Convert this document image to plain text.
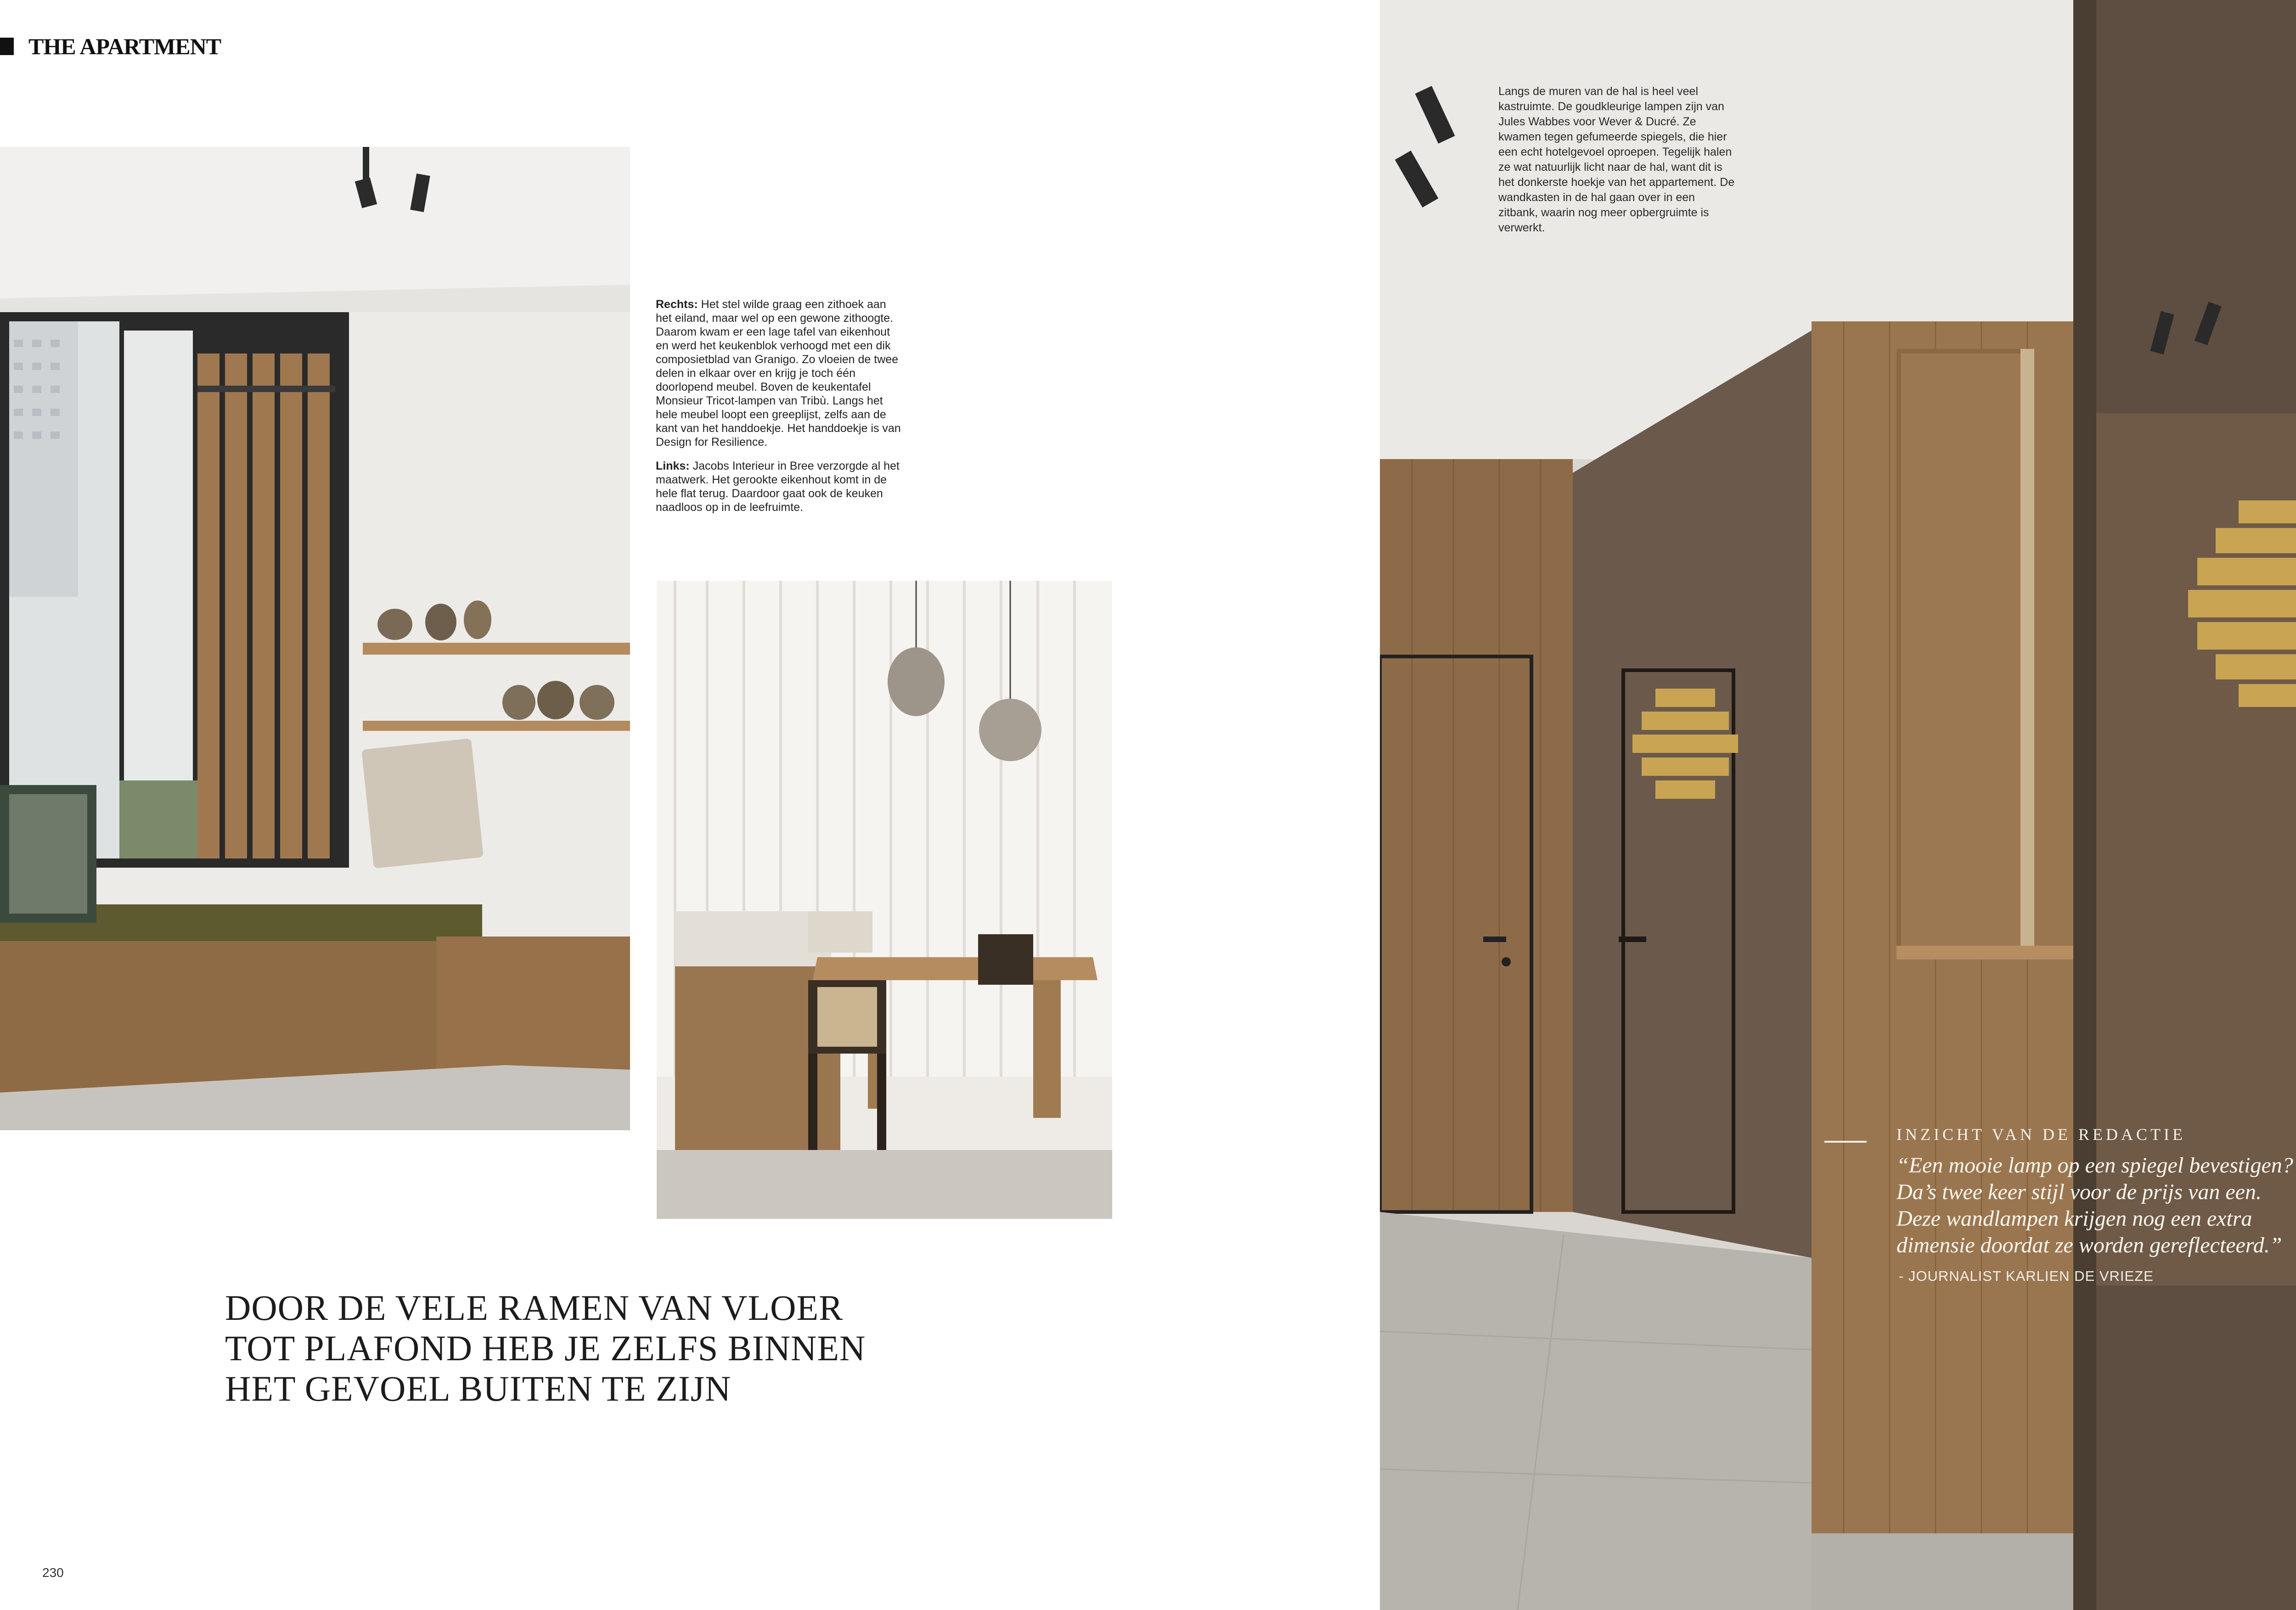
THE APARTMENT

Rechts: Het stel wilde graag een zithoek aan het eiland, maar wel op een gewone zithoogte. Daarom kwam er een lage tafel van eikenhout en werd het keukenblok verhoogd met een dik composietblad van Granigo. Zo vloeien de twee delen in elkaar over en krijg je toch één doorlopend meubel. Boven de keukentafel Monsieur Tricot-lampen van Tribù. Langs het hele meubel loopt een greeplijst, zelfs aan de kant van het handdoekje. Het handdoekje is van Design for Resilience.

Links: Jacobs Interieur in Bree verzorgde al het maatwerk. Het gerookte eikenhout komt in de hele flat terug. Daardoor gaat ook de keuken naadloos op in de leefruimte.

DOOR DE VELE RAMEN VAN VLOER
TOT PLAFOND HEB JE ZELFS BINNEN
HET GEVOEL BUITEN TE ZIJN
230
Langs de muren van de hal is heel veel kastruimte. De goudkleurige lampen zijn van Jules Wabbes voor Wever & Ducré. Ze kwamen tegen gefumeerde spiegels, die hier een echt hotelgevoel oproepen. Tegelijk halen ze wat natuurlijk licht naar de hal, want dit is het donkerste hoekje van het appartement. De wandkasten in de hal gaan over in een zitbank, waarin nog meer opbergruimte is verwerkt.
INZICHT VAN DE REDACTIE
“Een mooie lamp op een spiegel bevestigen?
Da’s twee keer stijl voor de prijs van een.
Deze wandlampen krijgen nog een extra
dimensie doordat ze worden gereflecteerd.”
- JOURNALIST KARLIEN DE VRIEZE
